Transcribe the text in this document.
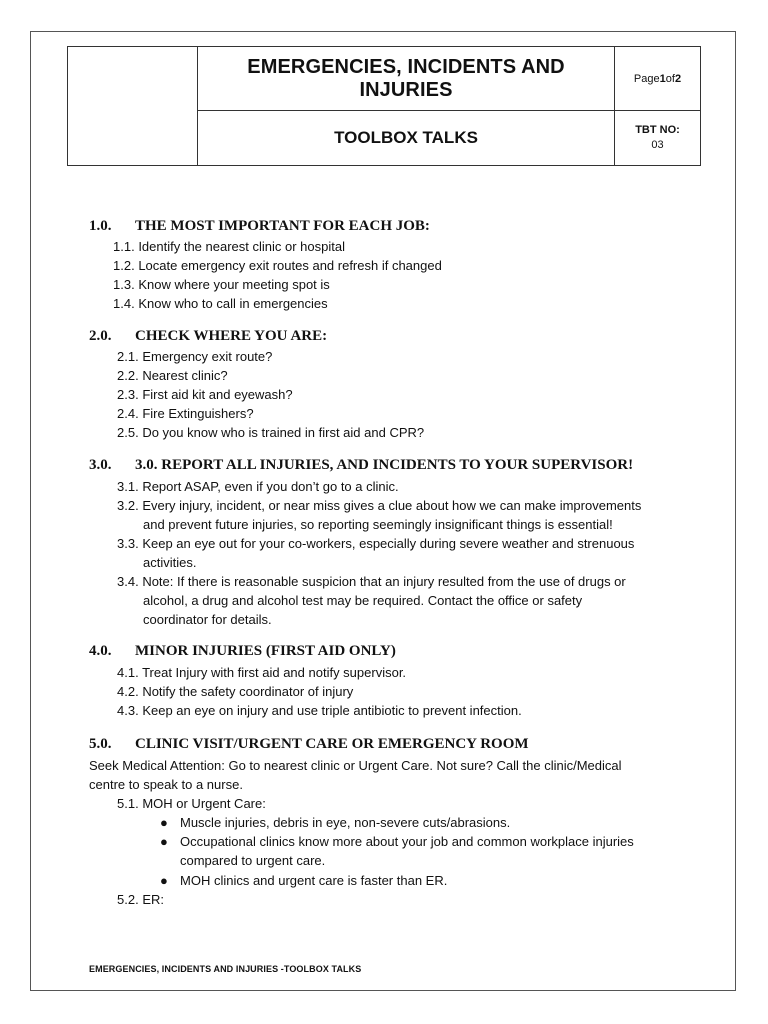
EMERGENCIES, INCIDENTS AND INJURIES
TOOLBOX TALKS
Page 1 of 2
TBT NO:
03
1.0. THE MOST IMPORTANT FOR EACH JOB:
1.1. Identify the nearest clinic or hospital
1.2. Locate emergency exit routes and refresh if changed
1.3. Know where your meeting spot is
1.4. Know who to call in emergencies
2.0. CHECK WHERE YOU ARE:
2.1. Emergency exit route?
2.2. Nearest clinic?
2.3. First aid kit and eyewash?
2.4. Fire Extinguishers?
2.5. Do you know who is trained in first aid and CPR?
3.0. 3.0. REPORT ALL INJURIES, AND INCIDENTS TO YOUR SUPERVISOR!
3.1. Report ASAP, even if you don’t go to a clinic.
3.2. Every injury, incident, or near miss gives a clue about how we can make improvements
and prevent future injuries, so reporting seemingly insignificant things is essential!
3.3. Keep an eye out for your co-workers, especially during severe weather and strenuous
activities.
3.4. Note: If there is reasonable suspicion that an injury resulted from the use of drugs or
alcohol, a drug and alcohol test may be required. Contact the office or safety
coordinator for details.
4.0. MINOR INJURIES (FIRST AID ONLY)
4.1. Treat Injury with first aid and notify supervisor.
4.2. Notify the safety coordinator of injury
4.3. Keep an eye on injury and use triple antibiotic to prevent infection.
5.0. CLINIC VISIT/URGENT CARE OR EMERGENCY ROOM
Seek Medical Attention: Go to nearest clinic or Urgent Care. Not sure? Call the clinic/Medical
centre to speak to a nurse.
5.1. MOH or Urgent Care:
● Muscle injuries, debris in eye, non-severe cuts/abrasions.
● Occupational clinics know more about your job and common workplace injuries
compared to urgent care.
● MOH clinics and urgent care is faster than ER.
5.2. ER:
EMERGENCIES, INCIDENTS AND INJURIES -TOOLBOX TALKS
